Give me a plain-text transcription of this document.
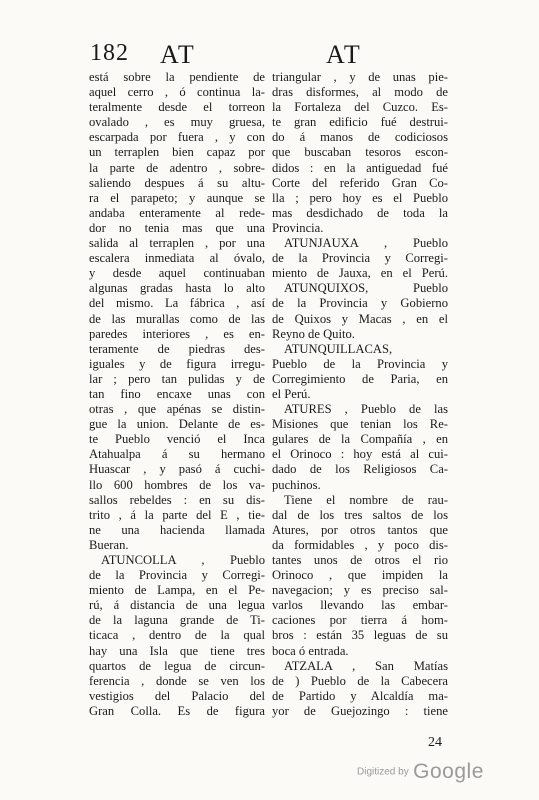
182 AT	AT
está sobre la pendiente de
aquel cerro , ó continua la-
teralmente desde el torreon
ovalado , es muy gruesa,
escarpada por fuera , y con
un terraplen bien capaz por
la parte de adentro , sobre-
saliendo despues á su altu-
ra el parapeto; y aunque se
andaba enteramente al rede-
dor no tenia mas que una
salida al terraplen , por una
escalera inmediata al óvalo,
y desde aquel continuaban
algunas gradas hasta lo alto
del mismo. La fábrica , así
de las murallas como de las
paredes interiores , es en-
teramente de piedras des-
iguales y de figura irregu-
lar ; pero tan pulidas y de
tan fino encaxe unas con
otras , que apénas se distin-
gue la union. Delante de es-
te Pueblo venció el Inca
Atahualpa á su hermano
Huascar , y pasó á cuchi-
llo 600 hombres de los va-
sallos rebeldes : en su dis-
trito , á la parte del E , tie-
ne una hacienda llamada
Bueran.
ATUNCOLLA , Pueblo
de la Provincia y Corregi-
miento de Lampa, en el Pe-
rú, á distancia de una legua
de la laguna grande de Ti-
ticaca , dentro de la qual
hay una Isla que tiene tres
quartos de legua de circun-
ferencia , donde se ven los
vestigios del Palacio del
Gran Colla. Es de figura
triangular , y de unas pie-
dras disformes, al modo de
la Fortaleza del Cuzco. Es-
te gran edificio fué destrui-
do á manos de codiciosos
que buscaban tesoros escon-
didos : en la antiguedad fué
Corte del referido Gran Co-
lla ; pero hoy es el Pueblo
mas desdichado de toda la
Provincia.
ATUNJAUXA , Pueblo
de la Provincia y Corregi-
miento de Jauxa, en el Perú.
ATUNQUIXOS, Pueblo
de la Provincia y Gobierno
de Quixos y Macas , en el
Reyno de Quito.
ATUNQUILLACAS,
Pueblo de la Provincia y
Corregimiento de Paria, en
el Perú.
ATURES , Pueblo de las
Misiones que tenian los Re-
gulares de la Compañía , en
el Orinoco : hoy está al cui-
dado de los Religiosos Ca-
puchinos.
Tiene el nombre de rau-
dal de los tres saltos de los
Atures, por otros tantos que
da formidables , y poco dis-
tantes unos de otros el rio
Orinoco , que impiden la
navegacion; y es preciso sal-
varlos llevando las embar-
caciones por tierra á hom-
bros : están 35 leguas de su
boca ó entrada.
ATZALA , San Matías
de ) Pueblo de la Cabecera
de Partido y Alcaldía ma-
yor de Guejozingo : tiene
24
Digitized by Google
